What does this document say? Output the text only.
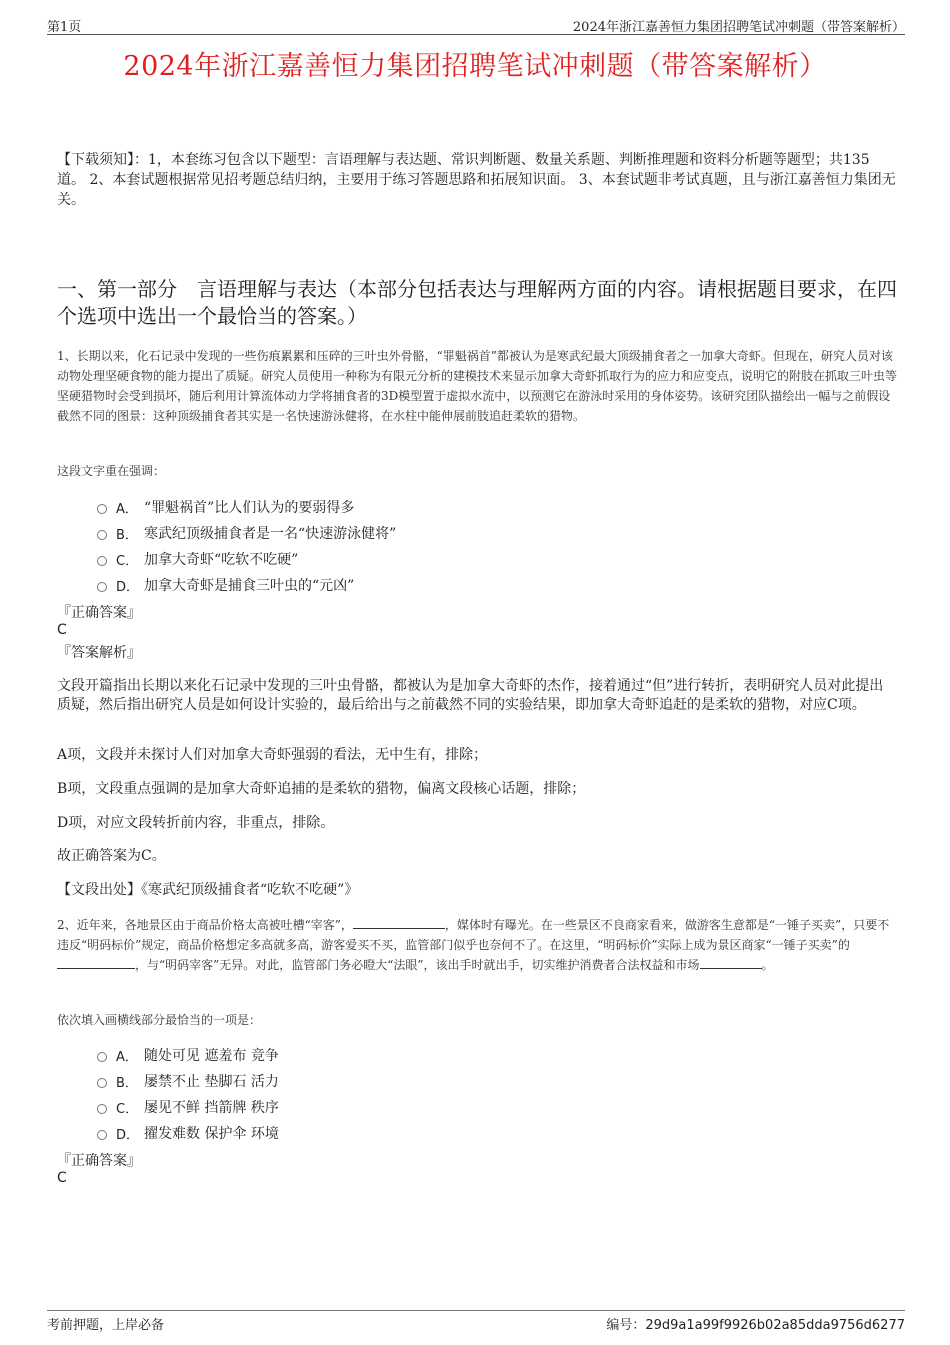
第1页	2024年浙江嘉善恒力集团招聘笔试冲刺题（带答案解析）
2024年浙江嘉善恒力集团招聘笔试冲刺题（带答案解析）
【下载须知】：1，本套练习包含以下题型：言语理解与表达题、常识判断题、数量关系题、判断推理题和资料分析题等题型；共135道。 2、本套试题根据常见招考题总结归纳，主要用于练习答题思路和拓展知识面。 3、本套试题非考试真题，且与浙江嘉善恒力集团无关。
一、第一部分　言语理解与表达（本部分包括表达与理解两方面的内容。请根据题目要求，在四个选项中选出一个最恰当的答案。）
1、长期以来，化石记录中发现的一些伤痕累累和压碎的三叶虫外骨骼，“罪魁祸首”都被认为是寒武纪最大顶级捕食者之一加拿大奇虾。但现在，研究人员对该动物处理坚硬食物的能力提出了质疑。研究人员使用一种称为有限元分析的建模技术来显示加拿大奇虾抓取行为的应力和应变点，说明它的附肢在抓取三叶虫等坚硬猎物时会受到损坏，随后利用计算流体动力学将捕食者的3D模型置于虚拟水流中，以预测它在游泳时采用的身体姿势。该研究团队描绘出一幅与之前假设截然不同的图景：这种顶级捕食者其实是一名快速游泳健将，在水柱中能伸展前肢追赶柔软的猎物。
这段文字重在强调：
A． “罪魁祸首”比人们认为的要弱得多
B． 寒武纪顶级捕食者是一名“快速游泳健将”
C． 加拿大奇虾“吃软不吃硬”
D． 加拿大奇虾是捕食三叶虫的“元凶”
『正确答案』
C
『答案解析』
文段开篇指出长期以来化石记录中发现的三叶虫骨骼，都被认为是加拿大奇虾的杰作，接着通过“但”进行转折，表明研究人员对此提出质疑，然后指出研究人员是如何设计实验的，最后给出与之前截然不同的实验结果，即加拿大奇虾追赶的是柔软的猎物，对应C项。
A项，文段并未探讨人们对加拿大奇虾强弱的看法，无中生有，排除；
B项，文段重点强调的是加拿大奇虾追捕的是柔软的猎物，偏离文段核心话题，排除；
D项，对应文段转折前内容，非重点，排除。
故正确答案为C。
【文段出处】《寒武纪顶级捕食者“吃软不吃硬”》
2、近年来，各地景区由于商品价格太高被吐槽“宰客”，	，媒体时有曝光。在一些景区不良商家看来，做游客生意都是“一锤子买卖”，只要不违反“明码标价”规定，商品价格想定多高就多高，游客爱买不买，监管部门似乎也奈何不了。在这里，“明码标价”实际上成为景区商家“一锤子买卖”的，与“明码宰客”无异。对此，监管部门务必瞪大“法眼”，该出手时就出手，切实维护消费者合法权益和市场	。
依次填入画横线部分最恰当的一项是：
A． 随处可见 遮羞布 竞争
B． 屡禁不止 垫脚石 活力
C． 屡见不鲜 挡箭牌 秩序
D． 擢发难数 保护伞 环境
『正确答案』
C
考前押题，上岸必备	编号：29d9a1a99f9926b02a85dda9756d6277
